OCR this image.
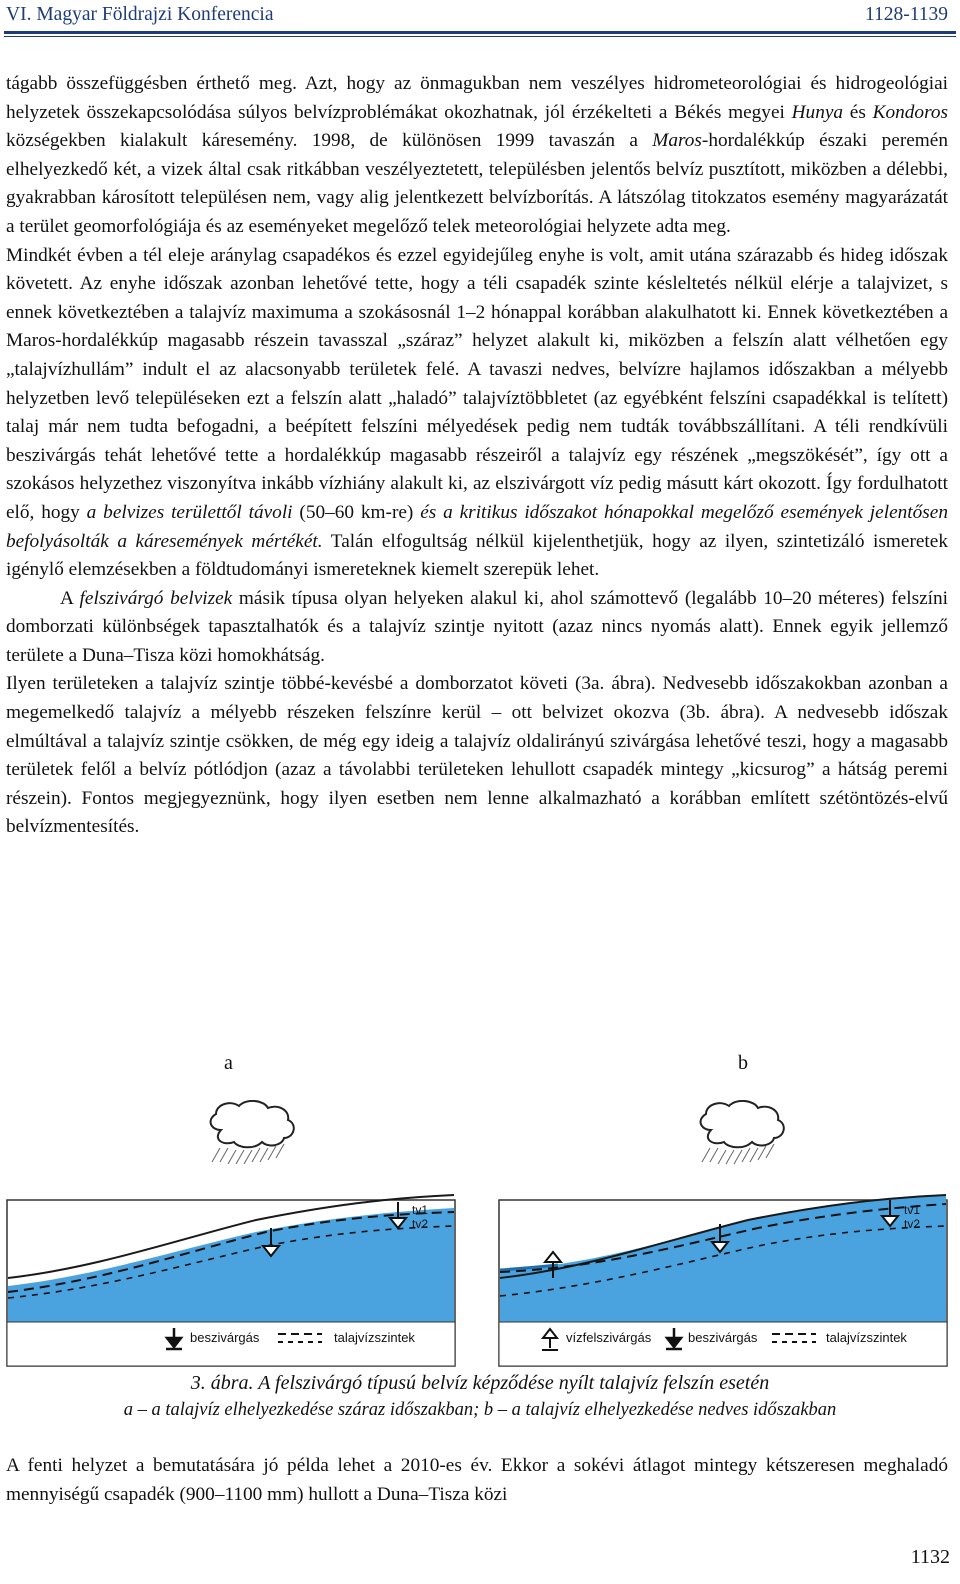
VI. Magyar Földrajzi Konferencia	1128-1139

tágabb összefüggésben érthető meg. Azt, hogy az önmagukban nem veszélyes hidrometeorológiai és hidrogeológiai helyzetek összekapcsolódása súlyos belvízproblémákat okozhatnak, jól érzékelteti a Békés megyei Hunya és Kondoros községekben kialakult káresemény. 1998, de különösen 1999 tavaszán a Maros-hordalékkúp északi peremén elhelyezkedő két, a vizek által csak ritkábban veszélyeztetett, településben jelentős belvíz pusztított, miközben a délebbi, gyakrabban károsított településen nem, vagy alig jelentkezett belvízborítás. A látszólag titokzatos esemény magyarázatát a terület geomorfológiája és az eseményeket megelőző telek meteorológiai helyzete adta meg.

Mindkét évben a tél eleje aránylag csapadékos és ezzel egyidejűleg enyhe is volt, amit utána szárazabb és hideg időszak követett. Az enyhe időszak azonban lehetővé tette, hogy a téli csapadék szinte késleltetés nélkül elérje a talajvizet, s ennek következtében a talajvíz maximuma a szokásosnál 1–2 hónappal korábban alakulhatott ki. Ennek következtében a Maros-hordalékkúp magasabb részein tavasszal „száraz” helyzet alakult ki, miközben a felszín alatt vélhetően egy „talajvízhullám” indult el az alacsonyabb területek felé. A tavaszi nedves, belvízre hajlamos időszakban a mélyebb helyzetben levő településeken ezt a felszín alatt „haladó” talajvíztöbbletet (az egyébként felszíni csapadékkal is telített) talaj már nem tudta befogadni, a beépített felszíni mélyedések pedig nem tudták továbbszállítani. A téli rendkívüli beszivárgás tehát lehetővé tette a hordalékkúp magasabb részeiről a talajvíz egy részének „megszökését”, így ott a szokásos helyzethez viszonyítva inkább vízhiány alakult ki, az elszivárgott víz pedig másutt kárt okozott. Így fordulhatott elő, hogy a belvizes területtől távoli (50–60 km-re) és a kritikus időszakot hónapokkal megelőző események jelentősen befolyásolták a káresemények mértékét. Talán elfogultság nélkül kijelenthetjük, hogy az ilyen, szintetizáló ismeretek igénylő elemzésekben a földtudományi ismereteknek kiemelt szerepük lehet.

A felszivárgó belvizek másik típusa olyan helyeken alakul ki, ahol számottevő (legalább 10–20 méteres) felszíni domborzati különbségek tapasztalhatók és a talajvíz szintje nyitott (azaz nincs nyomás alatt). Ennek egyik jellemző területe a Duna–Tisza közi homokhátság.

Ilyen területeken a talajvíz szintje többé-kevésbé a domborzatot követi (3a. ábra). Nedvesebb időszakokban azonban a megemelkedő talajvíz a mélyebb részeken felszínre kerül – ott belvizet okozva (3b. ábra). A nedvesebb időszak elmúltával a talajvíz szintje csökken, de még egy ideig a talajvíz oldalirányú szivárgása lehetővé teszi, hogy a magasabb területek felől a belvíz pótlódjon (azaz a távolabbi területeken lehullott csapadék mintegy „kicsurog” a hátság peremi részein). Fontos megjegyeznünk, hogy ilyen esetben nem lenne alkalmazható a korábban említett szétöntözés-elvű belvízmentesítés.

a	b
tv1
tv2
beszivárgás	talajvízszintek
tv1
tv2
vízfelszivárgás	beszivárgás	talajvízszintek
3. ábra. A felszivárgó típusú belvíz képződése nyílt talajvíz felszín esetén
a – a talajvíz elhelyezkedése száraz időszakban; b – a talajvíz elhelyezkedése nedves időszakban

A fenti helyzet a bemutatására jó példa lehet a 2010-es év. Ekkor a sokévi átlagot mintegy kétszeresen meghaladó mennyiségű csapadék (900–1100 mm) hullott a Duna–Tisza közi

1132
